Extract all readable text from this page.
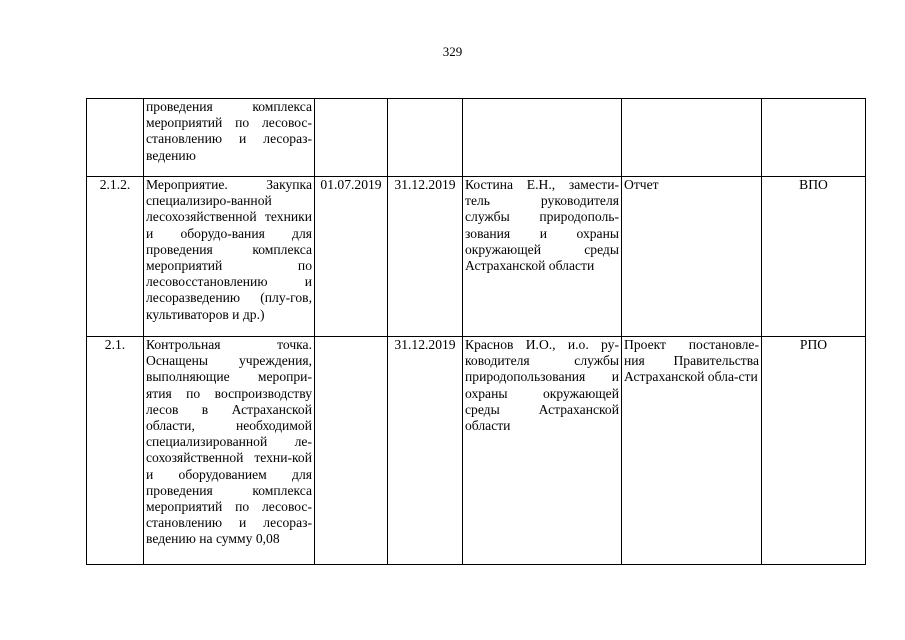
329
	проведения комплекса мероприятий по лесовос-становлению и лесораз-ведению					
2.1.2.	Мероприятие. Закупка специализиро-ванной лесохозяйственной техники и оборудо-вания для проведения комплекса мероприятий по лесовосстановлению и лесоразведению (плу-гов, культиваторов и др.)	01.07.2019	31.12.2019	Костина Е.Н., замести-тель руководителя службы природополь-зования и охраны окружающей среды Астраханской области	Отчет	ВПО
2.1.	Контрольная точка. Оснащены учреждения, выполняющие меропри-ятия по воспроизводству лесов в Астраханской области, необходимой специализированной ле-сохозяйственной техни-кой и оборудованием для проведения комплекса мероприятий по лесовос-становлению и лесораз-ведению на сумму 0,08		31.12.2019	Краснов И.О., и.о. ру-ководителя службы природопользования и охраны окружающей среды Астраханской области	Проект постановле-ния Правительства Астраханской обла-сти	РПО
